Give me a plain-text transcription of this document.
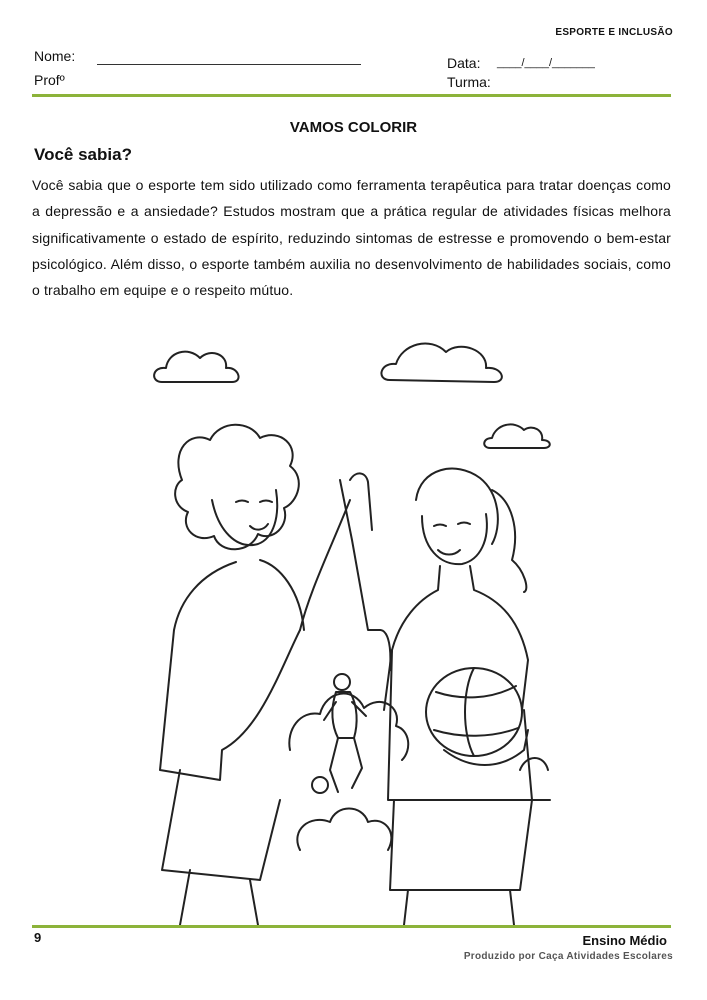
ESPORTE E INCLUSÃO
Nome:
Profº
Data: ____/____/_______
Turma:
VAMOS COLORIR
Você sabia?
Você sabia que o esporte tem sido utilizado como ferramenta terapêutica para tratar doenças como a depressão e a ansiedade? Estudos mostram que a prática regular de atividades físicas melhora significativamente o estado de espírito, reduzindo sintomas de estresse e promovendo o bem-estar psicológico. Além disso, o esporte também auxilia no desenvolvimento de habilidades sociais, como o trabalho em equipe e o respeito mútuo.
9	Ensino Médio
Produzido por Caça Atividades Escolares
